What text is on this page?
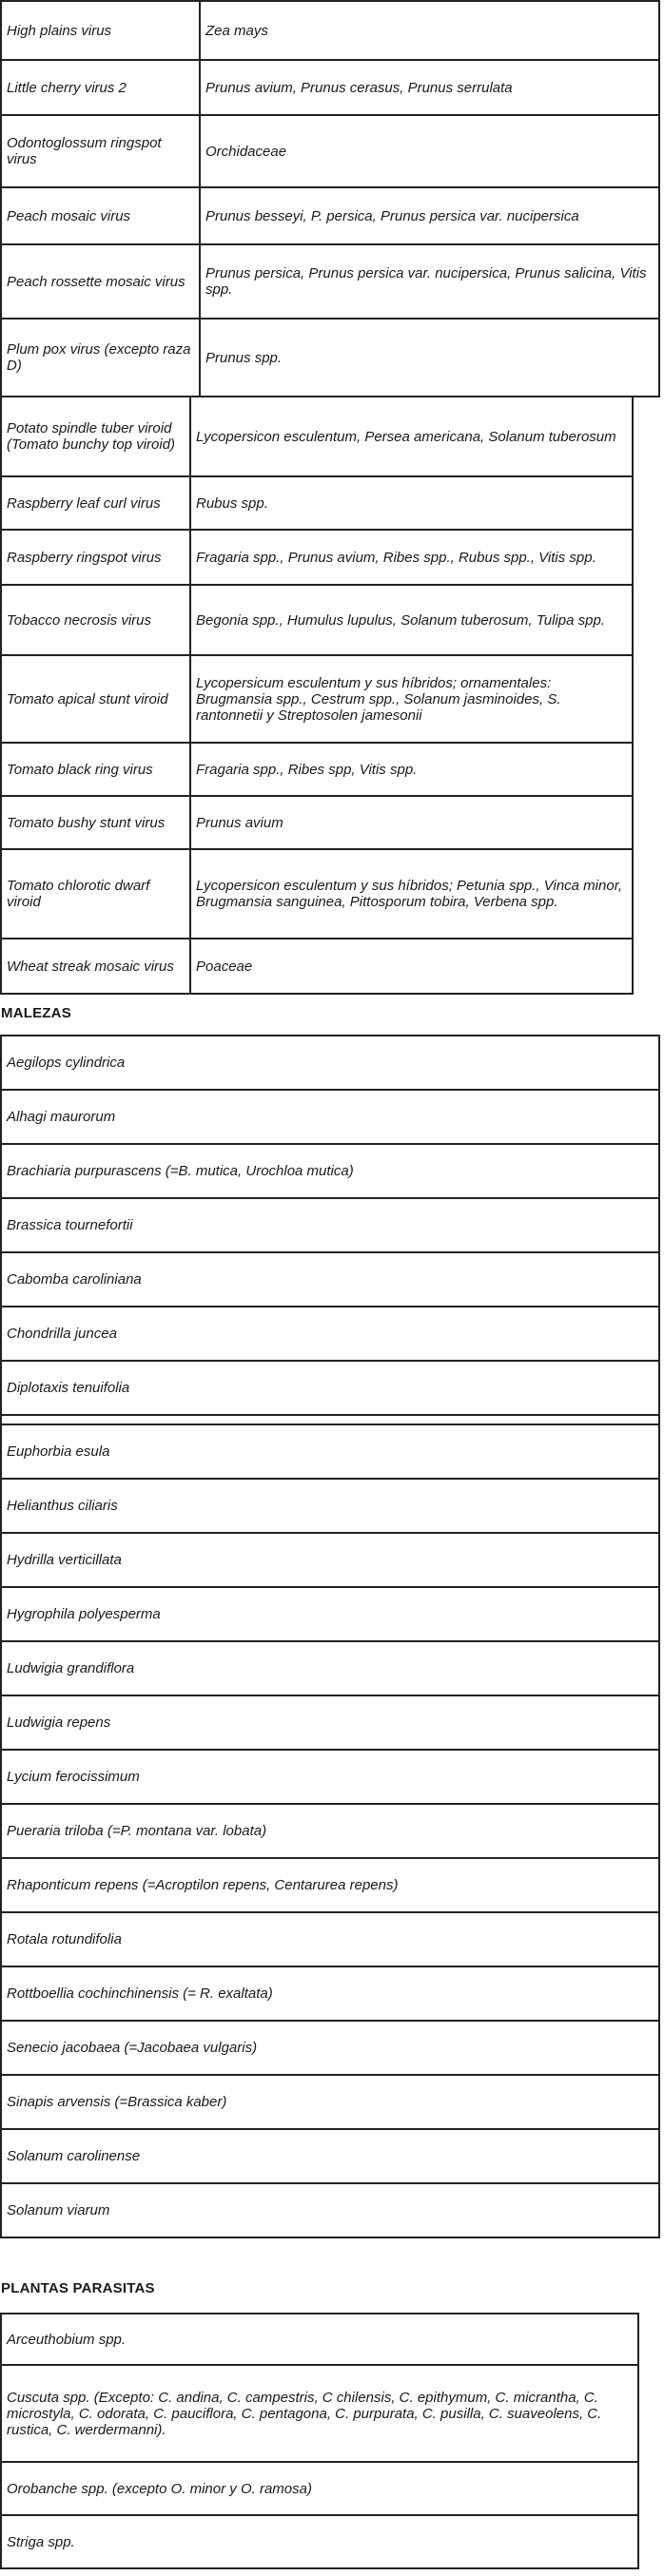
High plains virus	Zea mays
Little cherry virus 2	Prunus avium, Prunus cerasus, Prunus serrulata
Odontoglossum ringspot virus	Orchidaceae
Peach mosaic virus	Prunus besseyi, P. persica, Prunus persica var. nucipersica
Peach rossette mosaic virus	Prunus persica, Prunus persica var. nucipersica, Prunus salicina, Vitis spp.
Plum pox virus (excepto raza D)	Prunus spp.
Potato spindle tuber viroid (Tomato bunchy top viroid)	Lycopersicon esculentum, Persea americana, Solanum tuberosum
Raspberry leaf curl virus	Rubus spp.
Raspberry ringspot virus	Fragaria spp., Prunus avium, Ribes spp., Rubus spp., Vitis spp.
Tobacco necrosis virus	Begonia spp., Humulus lupulus, Solanum tuberosum, Tulipa spp.
Tomato apical stunt viroid	Lycopersicum esculentum y sus híbridos; ornamentales: Brugmansia spp., Cestrum spp., Solanum jasminoides, S. rantonnetii y Streptosolen jamesonii
Tomato black ring virus	Fragaria spp., Ribes spp, Vitis spp.
Tomato bushy stunt virus	Prunus avium
Tomato chlorotic dwarf viroid	Lycopersicon esculentum y sus híbridos; Petunia spp., Vinca minor, Brugmansia sanguinea, Pittosporum tobira, Verbena spp.
Wheat streak mosaic virus	Poaceae
MALEZAS
Aegilops cylindrica
Alhagi maurorum
Brachiaria purpurascens (=B. mutica, Urochloa mutica)
Brassica tournefortii
Cabomba caroliniana
Chondrilla juncea
Diplotaxis tenuifolia

Euphorbia esula
Helianthus ciliaris
Hydrilla verticillata
Hygrophila polyesperma
Ludwigia grandiflora
Ludwigia repens
Lycium ferocissimum
Pueraria triloba (=P. montana var. lobata)
Rhaponticum repens (=Acroptilon repens, Centarurea repens)
Rotala rotundifolia
Rottboellia cochinchinensis (= R. exaltata)
Senecio jacobaea (=Jacobaea vulgaris)
Sinapis arvensis (=Brassica kaber)
Solanum carolinense
Solanum viarum
PLANTAS PARASITAS
Arceuthobium spp.
Cuscuta spp. (Excepto: C. andina, C. campestris, C chilensis, C. epithymum, C. micrantha, C. microstyla, C. odorata, C. pauciflora, C. pentagona, C. purpurata, C. pusilla, C. suaveolens, C. rustica, C. werdermanni).
Orobanche spp. (excepto O. minor y O. ramosa)
Striga spp.
